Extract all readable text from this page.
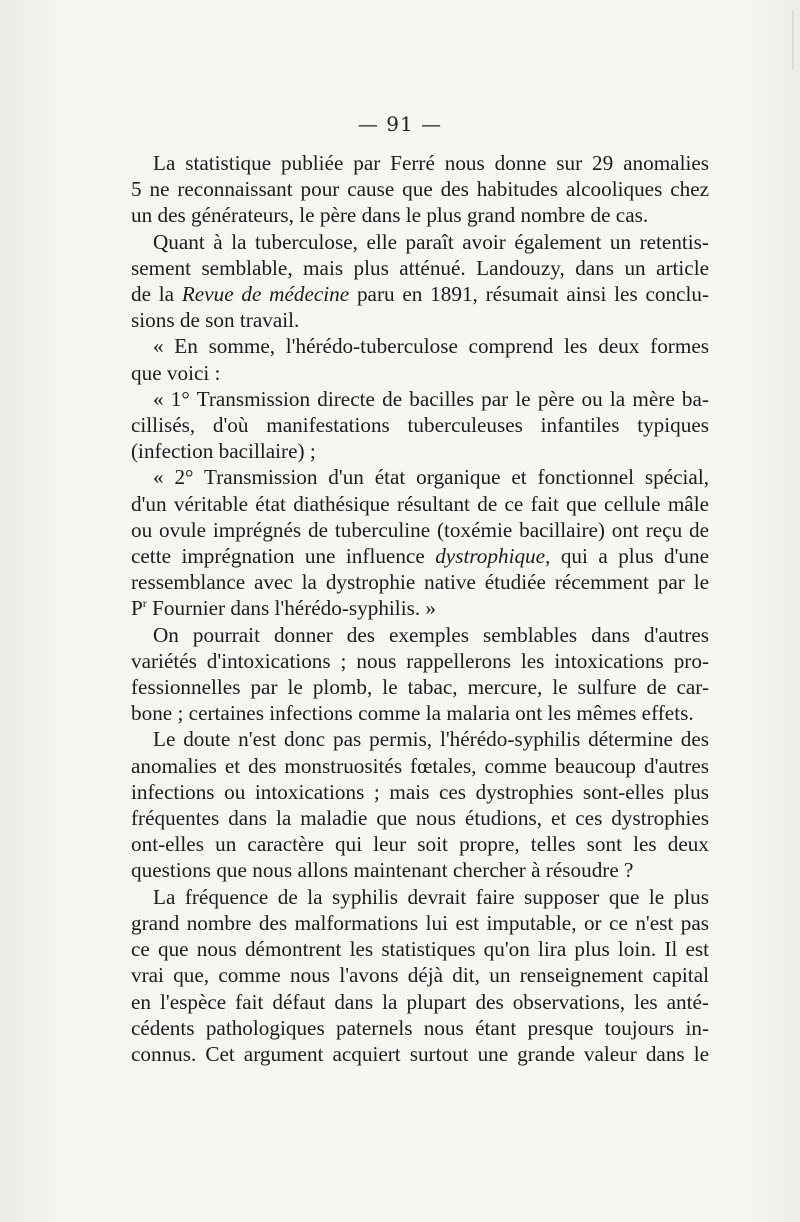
— 91 —
La statistique publiée par Ferré nous donne sur 29 anomalies
5 ne reconnaissant pour cause que des habitudes alcooliques chez
un des générateurs, le père dans le plus grand nombre de cas.
Quant à la tuberculose, elle paraît avoir également un retentis-
sement semblable, mais plus atténué. Landouzy, dans un article
de la Revue de médecine paru en 1891, résumait ainsi les conclu-
sions de son travail.
« En somme, l'hérédo-tuberculose comprend les deux formes
que voici :
« 1° Transmission directe de bacilles par le père ou la mère ba-
cillisés, d'où manifestations tuberculeuses infantiles typiques
(infection bacillaire) ;
« 2° Transmission d'un état organique et fonctionnel spécial,
d'un véritable état diathésique résultant de ce fait que cellule mâle
ou ovule imprégnés de tuberculine (toxémie bacillaire) ont reçu de
cette imprégnation une influence dystrophique, qui a plus d'une
ressemblance avec la dystrophie native étudiée récemment par le
$P^r$ Fournier dans l'hérédo-syphilis. »
On pourrait donner des exemples semblables dans d'autres
variétés d'intoxications ; nous rappellerons les intoxications pro-
fessionnelles par le plomb, le tabac, mercure, le sulfure de car-
bone ; certaines infections comme la malaria ont les mêmes effets.
Le doute n'est donc pas permis, l'hérédo-syphilis détermine des
anomalies et des monstruosités fœtales, comme beaucoup d'autres
infections ou intoxications ; mais ces dystrophies sont-elles plus
fréquentes dans la maladie que nous étudions, et ces dystrophies
ont-elles un caractère qui leur soit propre, telles sont les deux
questions que nous allons maintenant chercher à résoudre ?
La fréquence de la syphilis devrait faire supposer que le plus
grand nombre des malformations lui est imputable, or ce n'est pas
ce que nous démontrent les statistiques qu'on lira plus loin. Il est
vrai que, comme nous l'avons déjà dit, un renseignement capital
en l'espèce fait défaut dans la plupart des observations, les anté-
cédents pathologiques paternels nous étant presque toujours in-
connus. Cet argument acquiert surtout une grande valeur dans le
